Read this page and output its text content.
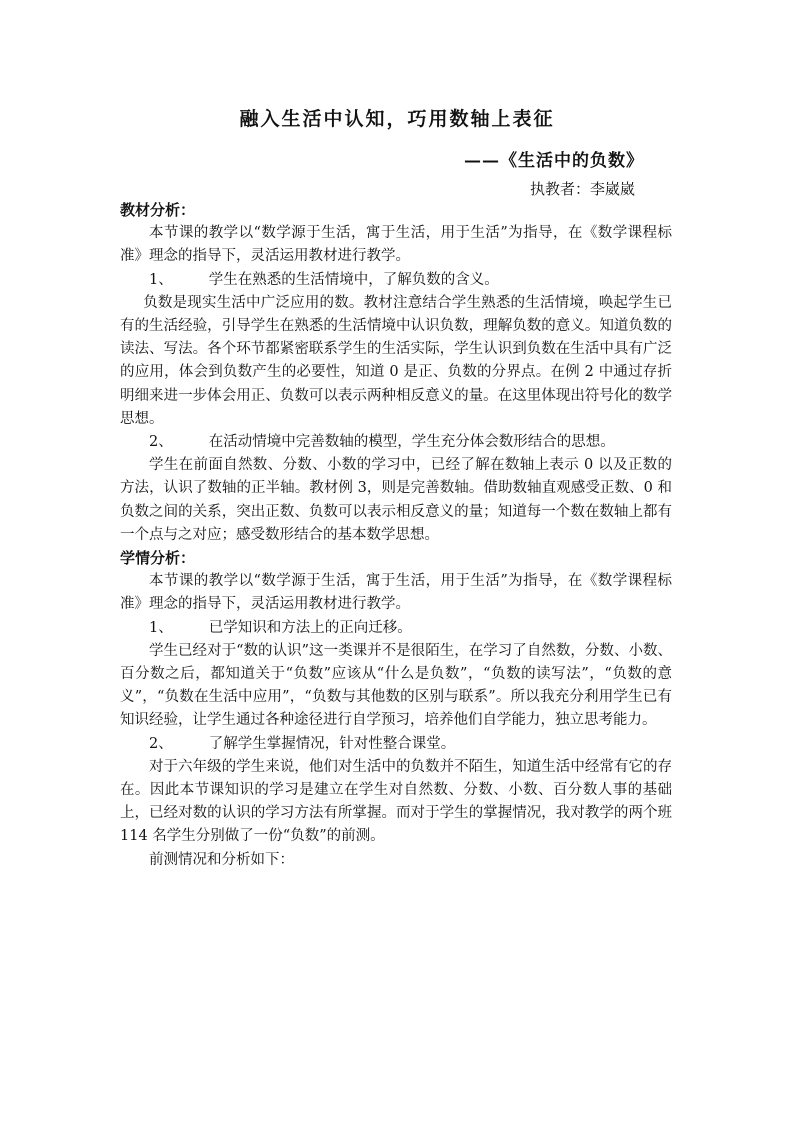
融入生活中认知，巧用数轴上表征
——《生活中的负数》
执教者：李崴崴

教材分析：

本节课的教学以“数学源于生活，寓于生活，用于生活”为指导，在《数学课程标准》理念的指导下，灵活运用教材进行教学。

1、 学生在熟悉的生活情境中，了解负数的含义。

负数是现实生活中广泛应用的数。教材注意结合学生熟悉的生活情境，唤起学生已有的生活经验，引导学生在熟悉的生活情境中认识负数，理解负数的意义。知道负数的读法、写法。各个环节都紧密联系学生的生活实际，学生认识到负数在生活中具有广泛的应用，体会到负数产生的必要性，知道 0 是正、负数的分界点。在例 2 中通过存折明细来进一步体会用正、负数可以表示两种相反意义的量。在这里体现出符号化的数学思想。

2、 在活动情境中完善数轴的模型，学生充分体会数形结合的思想。

学生在前面自然数、分数、小数的学习中，已经了解在数轴上表示 0 以及正数的方法，认识了数轴的正半轴。教材例 3，则是完善数轴。借助数轴直观感受正数、0 和负数之间的关系，突出正数、负数可以表示相反意义的量；知道每一个数在数轴上都有一个点与之对应；感受数形结合的基本数学思想。

学情分析：

本节课的教学以“数学源于生活，寓于生活，用于生活”为指导，在《数学课程标准》理念的指导下，灵活运用教材进行教学。

1、 已学知识和方法上的正向迁移。

学生已经对于“数的认识”这一类课并不是很陌生，在学习了自然数，分数、小数、百分数之后，都知道关于“负数”应该从“什么是负数”，“负数的读写法”，“负数的意义”，“负数在生活中应用”，“负数与其他数的区别与联系”。所以我充分利用学生已有知识经验，让学生通过各种途径进行自学预习，培养他们自学能力，独立思考能力。

2、 了解学生掌握情况，针对性整合课堂。

对于六年级的学生来说，他们对生活中的负数并不陌生，知道生活中经常有它的存在。因此本节课知识的学习是建立在学生对自然数、分数、小数、百分数人事的基础上，已经对数的认识的学习方法有所掌握。而对于学生的掌握情况，我对教学的两个班 114 名学生分别做了一份“负数”的前测。

前测情况和分析如下：
